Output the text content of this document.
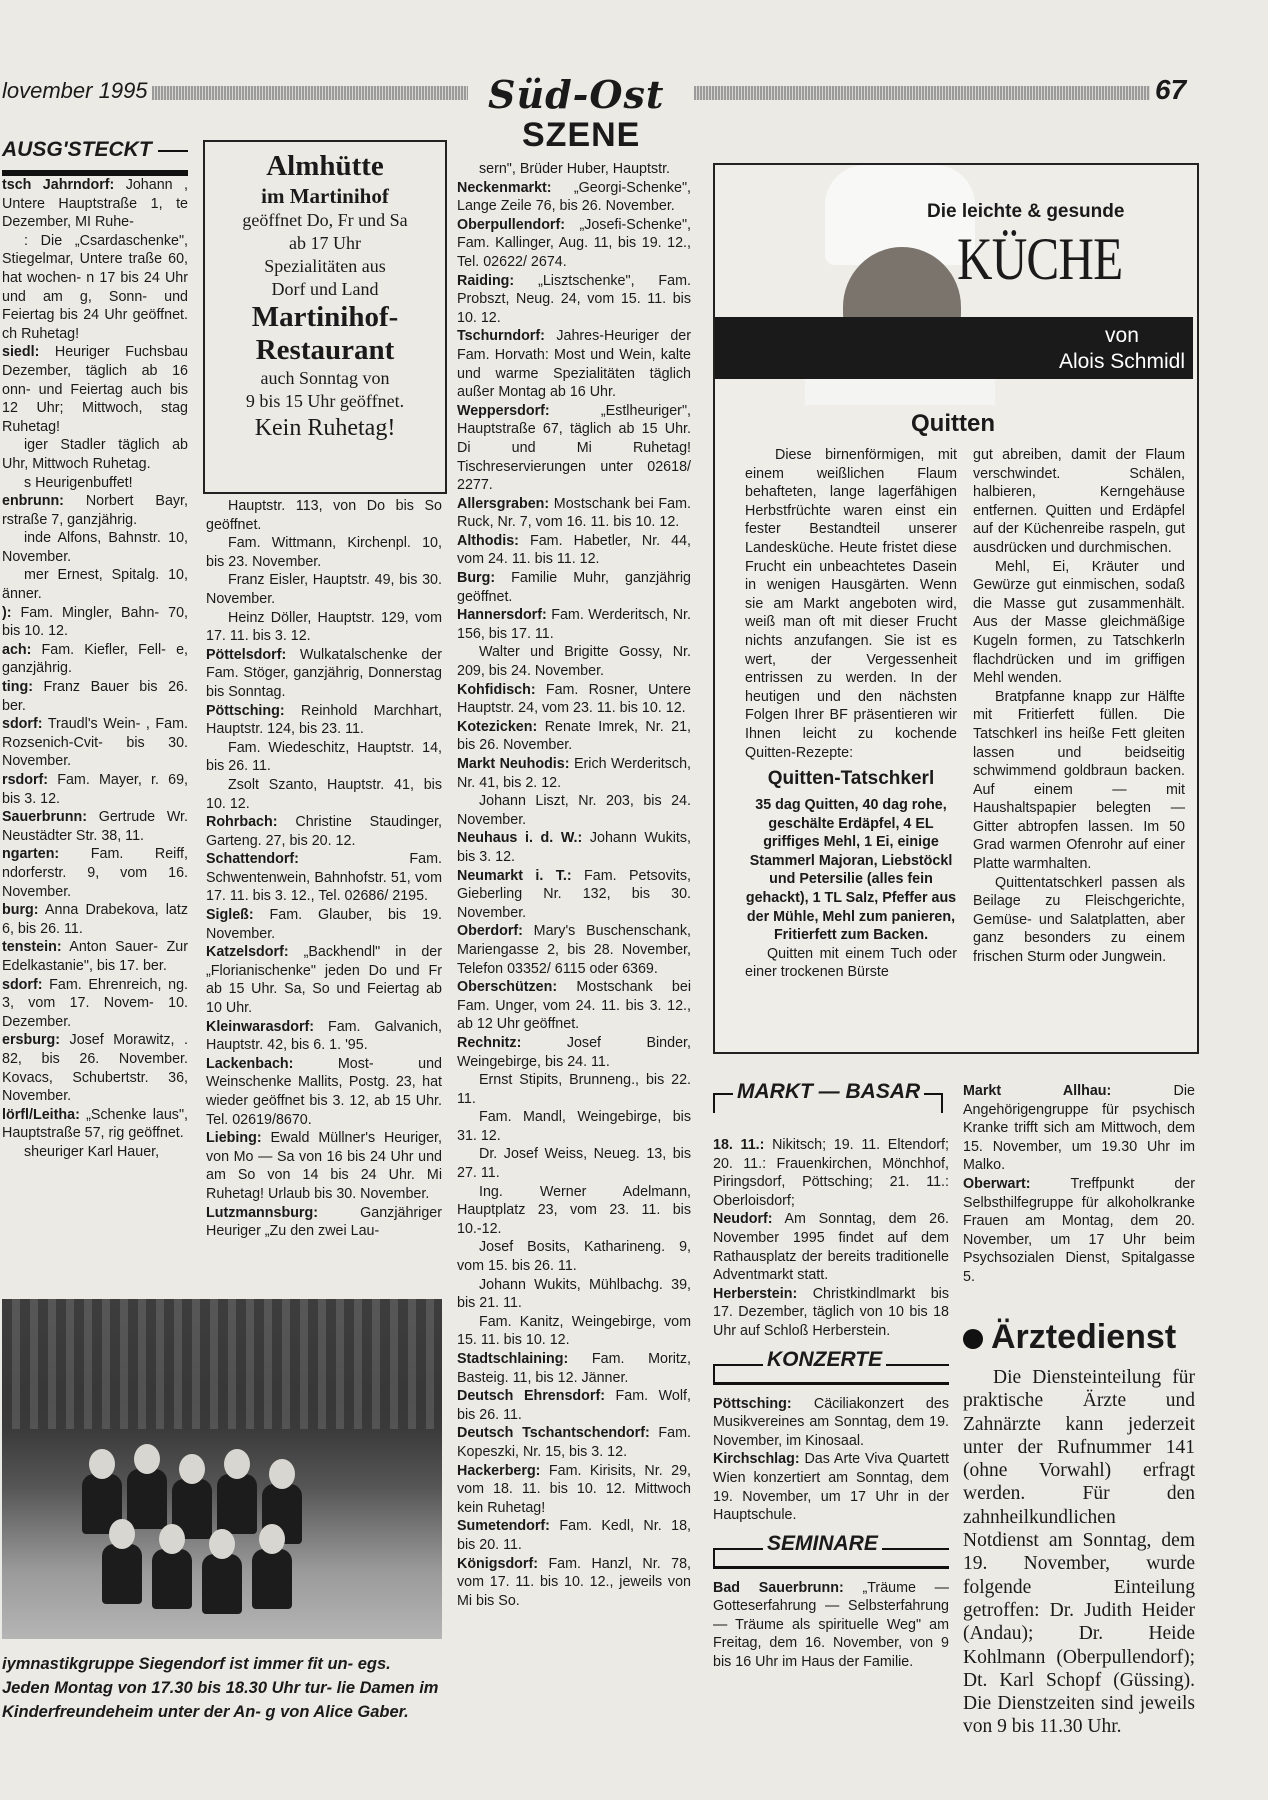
lovember 1995	Süd-Ost
SZENE
67
AUSG'STECKT

tsch Jahrndorf: Johann , Untere Hauptstraße 1, te Dezember, MI Ruhe-

: Die „Csardaschenke", Stiegelmar, Untere traße 60, hat wochen- n 17 bis 24 Uhr und am g, Sonn- und Feiertag bis 24 Uhr geöffnet. ch Ruhetag!

siedl: Heuriger Fuchsbau Dezember, täglich ab 16 onn- und Feiertag auch bis 12 Uhr; Mittwoch, stag Ruhetag!

iger Stadler täglich ab Uhr, Mittwoch Ruhetag.

s Heurigenbuffet!

enbrunn: Norbert Bayr, rstraße 7, ganzjährig.

inde Alfons, Bahnstr. 10, November.

mer Ernest, Spitalg. 10, änner.

): Fam. Mingler, Bahn- 70, bis 10. 12.

ach: Fam. Kiefler, Fell- e, ganzjährig.

ting: Franz Bauer bis 26. ber.

sdorf: Traudl's Wein- , Fam. Rozsenich-Cvit- bis 30. November.

rsdorf: Fam. Mayer, r. 69, bis 3. 12.

Sauerbrunn: Gertrude Wr. Neustädter Str. 38, 11.

ngarten: Fam. Reiff, ndorferstr. 9, vom 16. November.

burg: Anna Drabekova, latz 6, bis 26. 11.

tenstein: Anton Sauer- Zur Edelkastanie", bis 17. ber.

sdorf: Fam. Ehrenreich, ng. 3, vom 17. Novem- 10. Dezember.

ersburg: Josef Morawitz, . 82, bis 26. November. Kovacs, Schubertstr. 36, November.

lörfl/Leitha: „Schenke laus", Hauptstraße 57, rig geöffnet.

sheuriger Karl Hauer,

Almhütte
im Martinihof
geöffnet Do, Fr und Sa
ab 17 Uhr
Spezialitäten aus
Dorf und Land
Martinihof-
Restaurant
auch Sonntag von
9 bis 15 Uhr geöffnet.
Kein Ruhetag!

Hauptstr. 113, von Do bis So geöffnet.

Fam. Wittmann, Kirchenpl. 10, bis 23. November.

Franz Eisler, Hauptstr. 49, bis 30. November.

Heinz Döller, Hauptstr. 129, vom 17. 11. bis 3. 12.

Pöttelsdorf: Wulkatalschenke der Fam. Stöger, ganzjährig, Donnerstag bis Sonntag.

Pöttsching: Reinhold Marchhart, Hauptstr. 124, bis 23. 11.

Fam. Wiedeschitz, Hauptstr. 14, bis 26. 11.

Zsolt Szanto, Hauptstr. 41, bis 10. 12.

Rohrbach: Christine Staudinger, Garteng. 27, bis 20. 12.

Schattendorf: Fam. Schwentenwein, Bahnhofstr. 51, vom 17. 11. bis 3. 12., Tel. 02686/ 2195.

Sigleß: Fam. Glauber, bis 19. November.

Katzelsdorf: „Backhendl" in der „Florianischenke" jeden Do und Fr ab 15 Uhr. Sa, So und Feiertag ab 10 Uhr.

Kleinwarasdorf: Fam. Galvanich, Hauptstr. 42, bis 6. 1. '95.

Lackenbach: Most- und Weinschenke Mallits, Postg. 23, hat wieder geöffnet bis 3. 12, ab 15 Uhr. Tel. 02619/8670.

Liebing: Ewald Müllner's Heuriger, von Mo — Sa von 16 bis 24 Uhr und am So von 14 bis 24 Uhr. Mi Ruhetag! Urlaub bis 30. November.

Lutzmannsburg: Ganzjähriger Heuriger „Zu den zwei Lau-

iymnastikgruppe Siegendorf ist immer fit un- egs. Jeden Montag von 17.30 bis 18.30 Uhr tur- lie Damen im Kinderfreundeheim unter der An- g von Alice Gaber.

sern", Brüder Huber, Hauptstr.

Neckenmarkt: „Georgi-Schenke", Lange Zeile 76, bis 26. November.

Oberpullendorf: „Josefi-Schenke", Fam. Kallinger, Aug. 11, bis 19. 12., Tel. 02622/ 2674.

Raiding: „Lisztschenke", Fam. Probszt, Neug. 24, vom 15. 11. bis 10. 12.

Tschurndorf: Jahres-Heuriger der Fam. Horvath: Most und Wein, kalte und warme Spezialitäten täglich außer Montag ab 16 Uhr.

Weppersdorf: „Estlheuriger", Hauptstraße 67, täglich ab 15 Uhr. Di und Mi Ruhetag! Tischreservierungen unter 02618/ 2277.

Allersgraben: Mostschank bei Fam. Ruck, Nr. 7, vom 16. 11. bis 10. 12.

Althodis: Fam. Habetler, Nr. 44, vom 24. 11. bis 11. 12.

Burg: Familie Muhr, ganzjährig geöffnet.

Hannersdorf: Fam. Werderitsch, Nr. 156, bis 17. 11.

Walter und Brigitte Gossy, Nr. 209, bis 24. November.

Kohfidisch: Fam. Rosner, Untere Hauptstr. 24, vom 23. 11. bis 10. 12.

Kotezicken: Renate Imrek, Nr. 21, bis 26. November.

Markt Neuhodis: Erich Werderitsch, Nr. 41, bis 2. 12.

Johann Liszt, Nr. 203, bis 24. November.

Neuhaus i. d. W.: Johann Wukits, bis 3. 12.

Neumarkt i. T.: Fam. Petsovits, Gieberling Nr. 132, bis 30. November.

Oberdorf: Mary's Buschenschank, Mariengasse 2, bis 28. November, Telefon 03352/ 6115 oder 6369.

Oberschützen: Mostschank bei Fam. Unger, vom 24. 11. bis 3. 12., ab 12 Uhr geöffnet.

Rechnitz: Josef Binder, Weingebirge, bis 24. 11.

Ernst Stipits, Brunneng., bis 22. 11.

Fam. Mandl, Weingebirge, bis 31. 12.

Dr. Josef Weiss, Neueg. 13, bis 27. 11.

Ing. Werner Adelmann, Hauptplatz 23, vom 23. 11. bis 10.-12.

Josef Bosits, Katharineng. 9, vom 15. bis 26. 11.

Johann Wukits, Mühlbachg. 39, bis 21. 11.

Fam. Kanitz, Weingebirge, vom 15. 11. bis 10. 12.

Stadtschlaining: Fam. Moritz, Basteig. 11, bis 12. Jänner.

Deutsch Ehrensdorf: Fam. Wolf, bis 26. 11.

Deutsch Tschantschendorf: Fam. Kopeszki, Nr. 15, bis 3. 12.

Hackerberg: Fam. Kirisits, Nr. 29, vom 18. 11. bis 10. 12. Mittwoch kein Ruhetag!

Sumetendorf: Fam. Kedl, Nr. 18, bis 20. 11.

Königsdorf: Fam. Hanzl, Nr. 78, vom 17. 11. bis 10. 12., jeweils von Mi bis So.

Die leichte & gesunde
KÜCHE
von
Alois Schmidl
Quitten

Diese birnenförmigen, mit einem weißlichen Flaum behafteten, lange lagerfähigen Herbstfrüchte waren einst ein fester Bestandteil unserer Landesküche. Heute fristet diese Frucht ein unbeachtetes Dasein in wenigen Hausgärten. Wenn sie am Markt angeboten wird, weiß man oft mit dieser Frucht nichts anzufangen. Sie ist es wert, der Vergessenheit entrissen zu werden. In der heutigen und den nächsten Folgen Ihrer BF präsentieren wir Ihnen leicht zu kochende Quitten-Rezepte:

Quitten-Tatschkerl

35 dag Quitten, 40 dag rohe, geschälte Erdäpfel, 4 EL griffiges Mehl, 1 Ei, einige Stammerl Majoran, Liebstöckl und Petersilie (alles fein gehackt), 1 TL Salz, Pfeffer aus der Mühle, Mehl zum panieren, Fritierfett zum Backen.

Quitten mit einem Tuch oder einer trockenen Bürste

gut abreiben, damit der Flaum verschwindet. Schälen, halbieren, Kerngehäuse entfernen. Quitten und Erdäpfel auf der Küchenreibe raspeln, gut ausdrücken und durchmischen.

Mehl, Ei, Kräuter und Gewürze gut einmischen, sodaß die Masse gut zusammenhält. Aus der Masse gleichmäßige Kugeln formen, zu Tatschkerln flachdrücken und im griffigen Mehl wenden.

Bratpfanne knapp zur Hälfte mit Fritierfett füllen. Die Tatschkerl ins heiße Fett gleiten lassen und beidseitig schwimmend goldbraun backen. Auf einem — mit Haushaltspapier belegten — Gitter abtropfen lassen. Im 50 Grad warmen Ofenrohr auf einer Platte warmhalten.

Quittentatschkerl passen als Beilage zu Fleischgerichte, Gemüse- und Salatplatten, aber ganz besonders zu einem frischen Sturm oder Jungwein.

MARKT — BASAR

18. 11.: Nikitsch; 19. 11. Eltendorf; 20. 11.: Frauenkirchen, Mönchhof, Piringsdorf, Pöttsching; 21. 11.: Oberloisdorf;

Neudorf: Am Sonntag, dem 26. November 1995 findet auf dem Rathausplatz der bereits traditionelle Adventmarkt statt.

Herberstein: Christkindlmarkt bis 17. Dezember, täglich von 10 bis 18 Uhr auf Schloß Herberstein.

KONZERTE

Pöttsching: Cäciliakonzert des Musikvereines am Sonntag, dem 19. November, im Kinosaal.

Kirchschlag: Das Arte Viva Quartett Wien konzertiert am Sonntag, dem 19. November, um 17 Uhr in der Hauptschule.

SEMINARE

Bad Sauerbrunn: „Träume — Gotteserfahrung — Selbsterfahrung — Träume als spirituelle Weg" am Freitag, dem 16. November, von 9 bis 16 Uhr im Haus der Familie.

Markt Allhau: Die Angehörigengruppe für psychisch Kranke trifft sich am Mittwoch, dem 15. November, um 19.30 Uhr im Malko.

Oberwart: Treffpunkt der Selbsthilfegruppe für alkoholkranke Frauen am Montag, dem 20. November, um 17 Uhr beim Psychsozialen Dienst, Spitalgasse 5.

Ärztedienst

Die Diensteinteilung für praktische Ärzte und Zahnärzte kann jederzeit unter der Rufnummer 141 (ohne Vorwahl) erfragt werden. Für den zahnheilkundlichen Notdienst am Sonntag, dem 19. November, wurde folgende Einteilung getroffen: Dr. Judith Heider (Andau); Dr. Heide Kohlmann (Oberpullendorf); Dt. Karl Schopf (Güssing). Die Dienstzeiten sind jeweils von 9 bis 11.30 Uhr.
